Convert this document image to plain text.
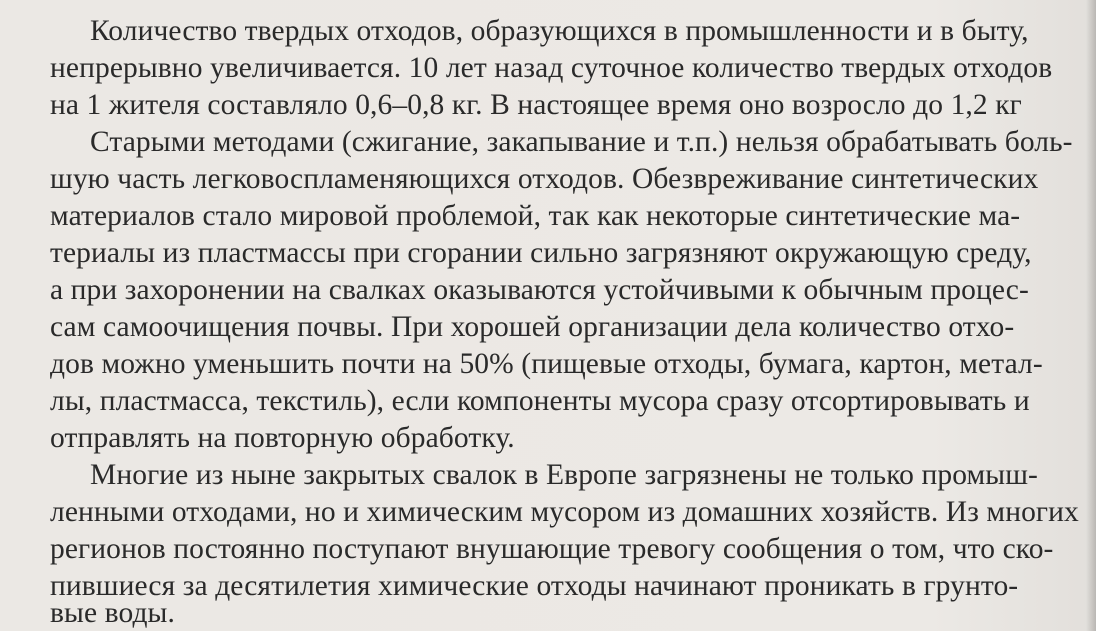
Количество твердых отходов, образующихся в промышленности и в быту,
непрерывно увеличивается. 10 лет назад суточное количество твердых отходов
на 1 жителя составляло 0,6–0,8 кг. В настоящее время оно возросло до 1,2 кг
Старыми методами (сжигание, закапывание и т.п.) нельзя обрабатывать боль-
шую часть легковоспламеняющихся отходов. Обезвреживание синтетических
материалов стало мировой проблемой, так как некоторые синтетические ма-
териалы из пластмассы при сгорании сильно загрязняют окружающую среду,
а при захоронении на свалках оказываются устойчивыми к обычным процес-
сам самоочищения почвы. При хорошей организации дела количество отхо-
дов можно уменьшить почти на 50% (пищевые отходы, бумага, картон, метал-
лы, пластмасса, текстиль), если компоненты мусора сразу отсортировывать и
отправлять на повторную обработку.
Многие из ныне закрытых свалок в Европе загрязнены не только промыш-
ленными отходами, но и химическим мусором из домашних хозяйств. Из многих
регионов постоянно поступают внушающие тревогу сообщения о том, что ско-
пившиеся за десятилетия химические отходы начинают проникать в грунто-
вые воды.
